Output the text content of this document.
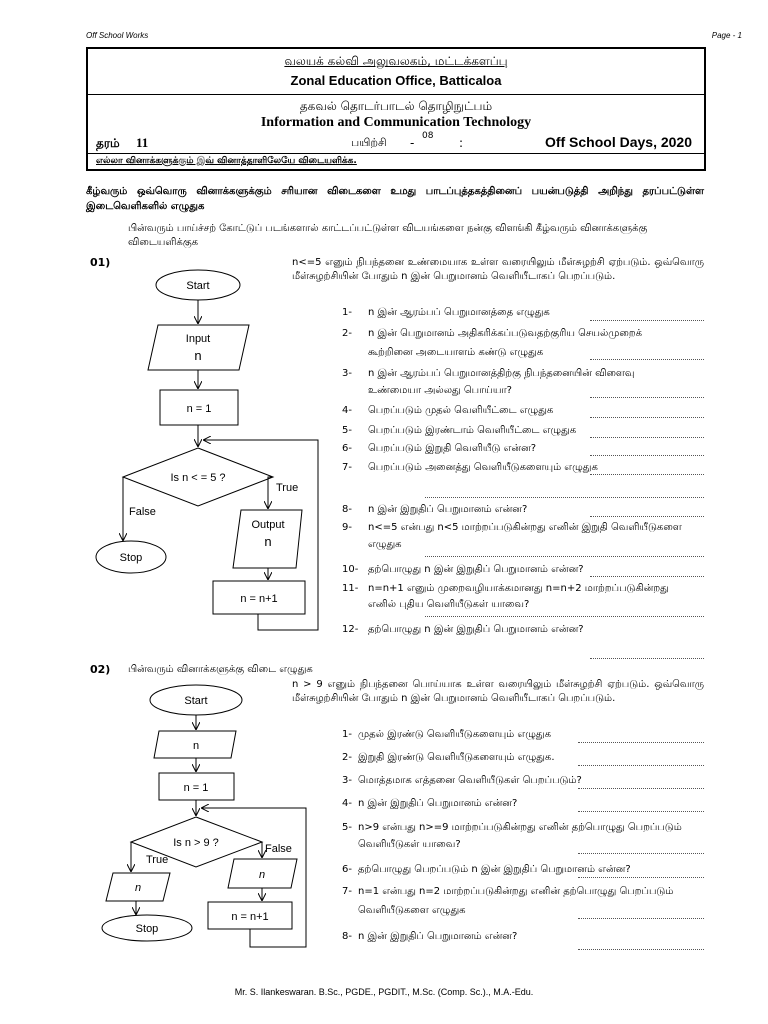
Off School Works	Page - 1
வலயக் கல்வி அலுவலகம், மட்டக்களப்பு
Zonal Education Office, Batticaloa
தகவல் தொடர்பாடல் தொழிநுட்பம்
Information and Communication Technology
தரம் 11	பயிற்சி - 08 :	Off School Days, 2020
எல்லா வினாக்களுக்கும் இவ் வினாத்தாளிலேயே விடையளிக்க.
கீழ்வரும் ஒவ்வொரு வினாக்களுக்கும் சரியான விடைகளை உமது பாடப்புத்தகத்தினைப் பயன்படுத்தி அறிந்து தரப்பட்டுள்ள இடைவெளிகளில் எழுதுக
பின்வரும் பாய்ச்சற் கோட்டுப் படங்களால் காட்டப்பட்டுள்ள விடயங்களை நன்கு விளங்கி கீழ்வரும் வினாக்களுக்கு விடையளிக்குக
01)	n<=5 எனும் நிபந்தனை உண்மையாக உள்ள வரையிலும் மீள்சுழற்சி ஏற்படும். ஒவ்வொரு மீள்சுழற்சியின் போதும் n இன் பெறுமானம் வெளியீடாகப் பெறப்படும்.
Start
Input
n
n = 1
Is n < = 5 ?
True
False
Output
n
n = n+1
Stop
Start
n
n = 1
Is n > 9 ?
True
False
n
n
n = n+1
Stop
1- n இன் ஆரம்பப் பெறுமானத்தை எழுதுக
2- n இன் பெறுமானம் அதிகரிக்கப்படுவதற்குரிய செயல்முறைக்
கூற்றினை அடையாளம் கண்டு எழுதுக
3- n இன் ஆரம்பப் பெறுமானத்திற்கு நிபந்தனையின் விளைவு
உண்மையா அல்லது பொய்யா?
4- பெறப்படும் முதல் வெளியீட்டை எழுதுக
5- பெறப்படும் இரண்டாம் வெளியீட்டை எழுதுக
6- பெறப்படும் இறுதி வெளியீடு என்ன?
7- பெறப்படும் அனைத்து வெளியீடுகளையும் எழுதுக
8- n இன் இறுதிப் பெறுமானம் என்ன?
9- n<=5 என்பது n<5 மாற்றப்படுகின்றது எனின் இறுதி வெளியீடுகளை
எழுதுக
10- தற்பொழுது n இன் இறுதிப் பெறுமானம் என்ன?
11- n=n+1 எனும் முறைவழியாக்கமானது n=n+2 மாற்றப்படுகின்றது
எனில் புதிய வெளியீடுகள் யாவை?
12- தற்பொழுது n இன் இறுதிப் பெறுமானம் என்ன?
02) பின்வரும் வினாக்களுக்கு விடை எழுதுக
n > 9 எனும் நிபந்தனை பொய்யாக உள்ள வரையிலும் மீள்சுழற்சி ஏற்படும். ஒவ்வொரு மீள்சுழற்சியின் போதும் n இன் பெறுமானம் வெளியீடாகப் பெறப்படும்.
1- முதல் இரண்டு வெளியீடுகளையும் எழுதுக
2- இறுதி இரண்டு வெளியீடுகளையும் எழுதுக.
3- மொத்தமாக எத்தனை வெளியீடுகள் பெறப்படும்?
4- n இன் இறுதிப் பெறுமானம் என்ன?
5- n>9 என்பது n>=9 மாற்றப்படுகின்றது எனின் தற்பொழுது பெறப்படும்
வெளியீடுகள் யாவை?
6- தற்பொழுது பெறப்படும் n இன் இறுதிப் பெறுமானம் என்ன?
7- n=1 என்பது n=2 மாற்றப்படுகின்றது எனின் தற்பொழுது பெறப்படும்
வெளியீடுகளை எழுதுக
8- n இன் இறுதிப் பெறுமானம் என்ன?
Mr. S. Ilankeswaran. B.Sc., PGDE., PGDIT., M.Sc. (Comp. Sc.)., M.A.-Edu.
